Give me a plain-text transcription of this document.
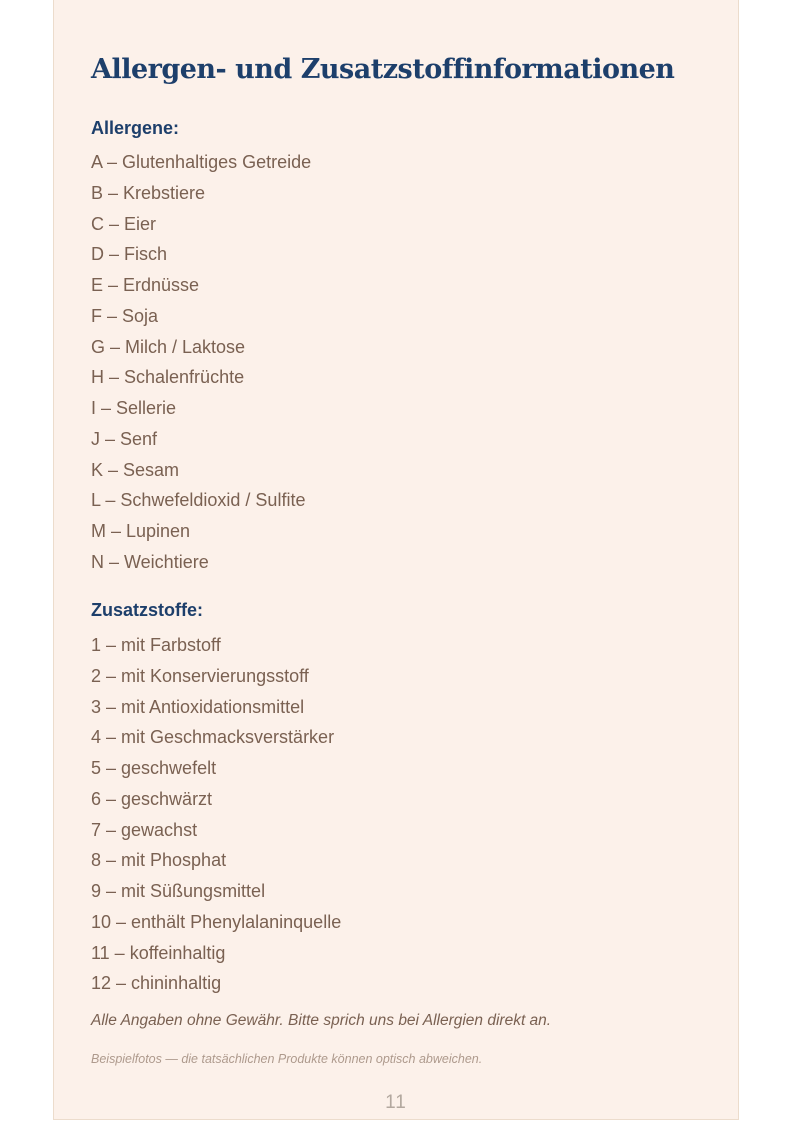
Allergen- und Zusatzstoffinformationen
Allergene:
A – Glutenhaltiges Getreide
B – Krebstiere
C – Eier
D – Fisch
E – Erdnüsse
F – Soja
G – Milch / Laktose
H – Schalenfrüchte
I – Sellerie
J – Senf
K – Sesam
L – Schwefeldioxid / Sulfite
M – Lupinen
N – Weichtiere
Zusatzstoffe:
1 – mit Farbstoff
2 – mit Konservierungsstoff
3 – mit Antioxidationsmittel
4 – mit Geschmacksverstärker
5 – geschwefelt
6 – geschwärzt
7 – gewachst
8 – mit Phosphat
9 – mit Süßungsmittel
10 – enthält Phenylalaninquelle
11 – koffeinhaltig
12 – chininhaltig

Alle Angaben ohne Gewähr. Bitte sprich uns bei Allergien direkt an.

Beispielfotos — die tatsächlichen Produkte können optisch abweichen.

11
